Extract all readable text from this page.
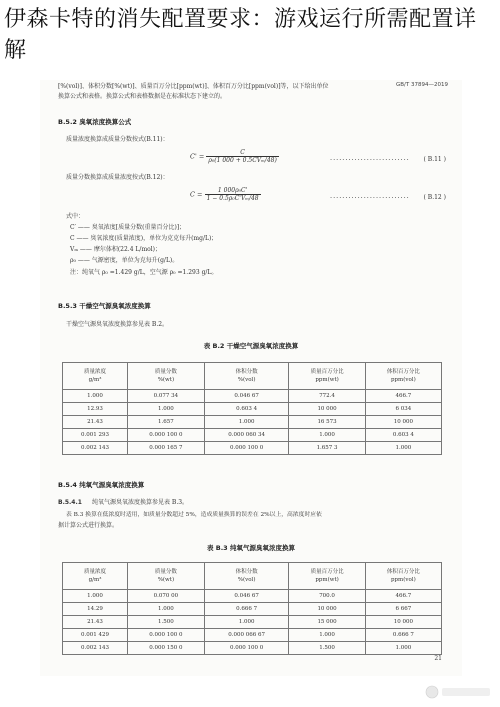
伊森卡特的消失配置要求：游戏运行所需配置详解
GB/T 37894—2019
[%(vol)]、体积分数[%(wt)]、质量百万分比[ppm(wt)]、体积百万分比[ppm(vol)]等，以下给出单位
换算公式和表格。换算公式和表格数据是在标准状态下建立的。
B.5.2 臭氧浓度换算公式
质量浓度换算成质量分数按式(B.11)：
$C' = \frac{C}{\text{ρ₀(1 000 + 0.5CVₘ/48)}}$	·························· ( B.11 )
质量分数换算成质量浓度按式(B.12)：
$C = \frac{\text{1 000ρ₀C'}}{\text{1 − 0.5ρ₀C'Vₘ/48}}$	·························· ( B.12 )
式中：
C′ —— 臭氧浓度[质量分数(重量百分比)]；
C —— 臭氧浓度(质量浓度)，单位为克克每升(mg/L)；
Vₘ —— 摩尔体积(22.4 L/mol)；
ρ₀ —— 气源密度，单位为克每升(g/L)。
注：纯氧气 ρ₀ =1.429 g/L，空气源 ρ₀ =1.293 g/L。
B.5.3 干燥空气源臭氧浓度换算
干燥空气源臭氧浓度换算参见表 B.2。
表 B.2 干燥空气源臭氧浓度换算
质量浓度
g/m³	质量分数
%(wt)	体积分数
%(vol)	质量百万分比
ppm(wt)	体积百万分比
ppm(vol)
1.000	0.077 34	0.046 67	772.4	466.7
12.93	1.000	0.603 4	10 000	6 034
21.43	1.657	1.000	16 573	10 000
0.001 293	0.000 100 0	0.000 060 34	1.000	0.603 4
0.002 143	0.000 165 7	0.000 100 0	1.657 3	1.000
B.5.4 纯氧气源臭氧浓度换算
B.5.4.1 纯氧气源臭氧浓度换算参见表 B.3。
表 B.3 换算在低浓度时适用，如质量分数超过 5%，造成质量换算的误差在 2%以上，高浓度时应依
据计算公式进行换算。
表 B.3 纯氧气源臭氧浓度换算
质量浓度
g/m³	质量分数
%(wt)	体积分数
%(vol)	质量百万分比
ppm(wt)	体积百万分比
ppm(vol)
1.000	0.070 00	0.046 67	700.0	466.7
14.29	1.000	0.666 7	10 000	6 667
21.43	1.500	1.000	15 000	10 000
0.001 429	0.000 100 0	0.000 066 67	1.000	0.666 7
0.002 143	0.000 150 0	0.000 100 0	1.500	1.000
21
